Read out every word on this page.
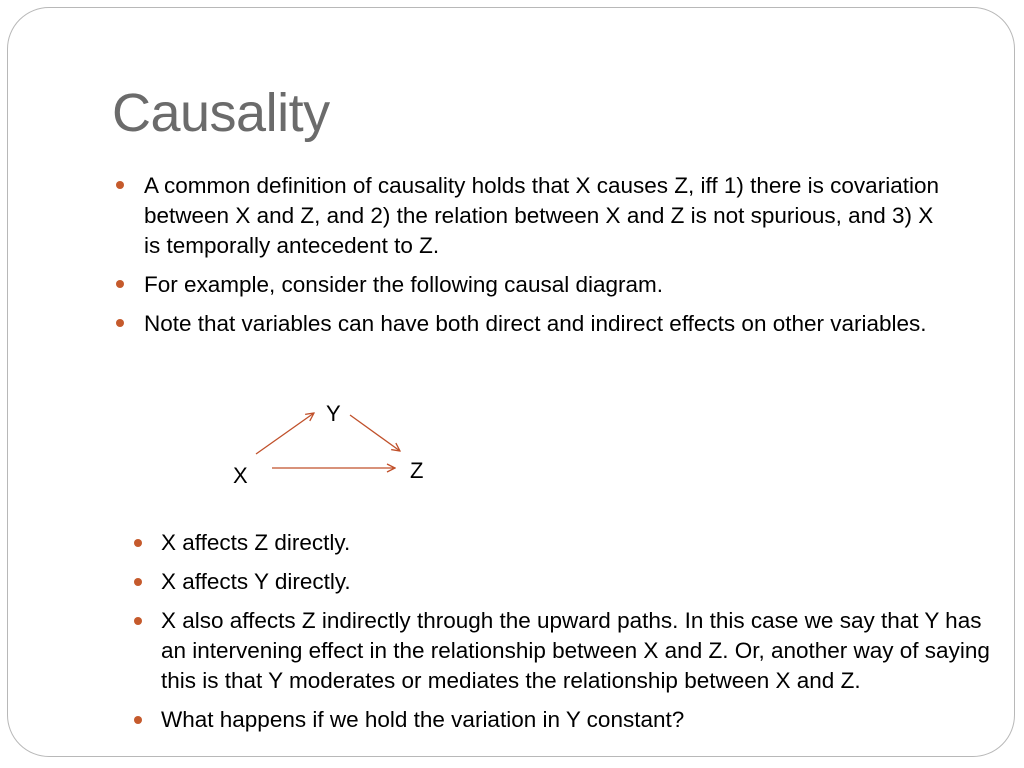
Causality
A common definition of causality holds that X causes Z, iff 1) there is covariation between X and Z, and 2) the relation between X and Z is not spurious, and 3) X is temporally antecedent to Z.
For example, consider the following causal diagram.
Note that variables can have both direct and indirect effects on other variables.
Y
X	Z
X affects Z directly.
X affects Y directly.
X also affects Z indirectly through the upward paths. In this case we say that Y has an intervening effect in the relationship between X and Z. Or, another way of saying this is that Y moderates or mediates the relationship between X and Z.
What happens if we hold the variation in Y constant?
